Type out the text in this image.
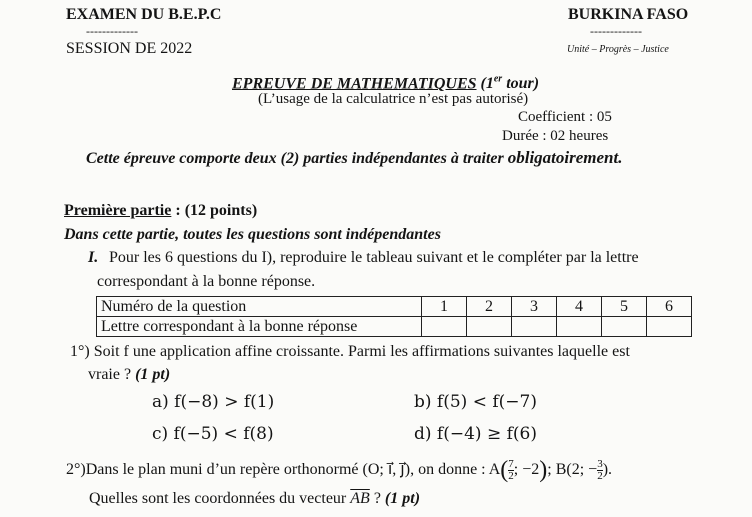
EXAMEN DU B.E.P.C
-------------
SESSION DE 2022
BURKINA FASO
-------------
Unité – Progrès – Justice
EPREUVE DE MATHEMATIQUES (1er tour)
(L’usage de la calculatrice n’est pas autorisé)
Coefficient : 05
Durée : 02 heures
Cette épreuve comporte deux (2) parties indépendantes à traiter obligatoirement.
Première partie : (12 points)
Dans cette partie, toutes les questions sont indépendantes
I. Pour les 6 questions du I), reproduire le tableau suivant et le compléter par la lettre
correspondant à la bonne réponse.
Numéro de la question	1	2	3	4	5	6
Lettre correspondant à la bonne réponse						
1°) Soit f une application affine croissante. Parmi les affirmations suivantes laquelle est
vraie ? (1 pt)
a) f(−8) > f(1)	b) f(5) < f(−7)
c) f(−5) < f(8)	d) f(−4) ≥ f(6)
2°)Dans le plan muni d’un repère orthonormé (O; i⃗, j⃗), on donne : $A( \frac{7}{2}$ ; −2); B(2; − $\frac{3}{2}$ ).
Quelles sont les coordonnées du vecteur $\overline{AB}$ ? (1 pt)
